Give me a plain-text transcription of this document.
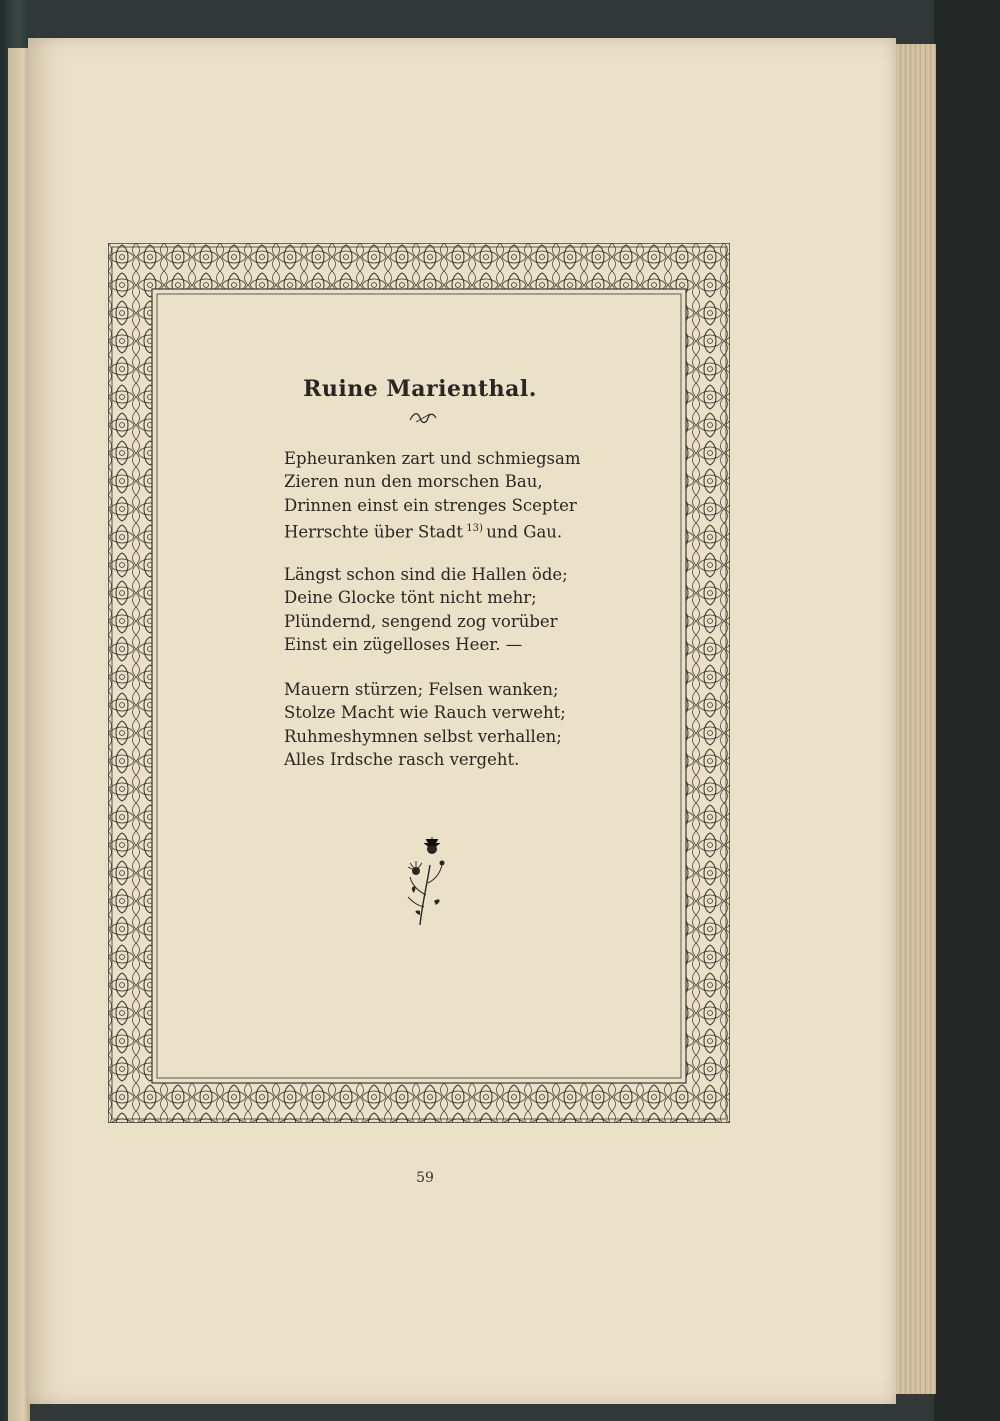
Ruine Marienthal.
Epheuranken zart und schmiegsam
Zieren nun den morschen Bau,
Drinnen einst ein strenges Scepter
Herrschte über Stadt  $^{13)}$  und Gau.
Längst schon sind die Hallen öde;
Deine Glocke tönt nicht mehr;
Plündernd, sengend zog vorüber
Einst ein zügelloses Heer. —
Mauern stürzen; Felsen wanken;
Stolze Macht wie Rauch verweht;
Ruhmeshymnen selbst verhallen;
Alles Irdsche rasch vergeht.
59
